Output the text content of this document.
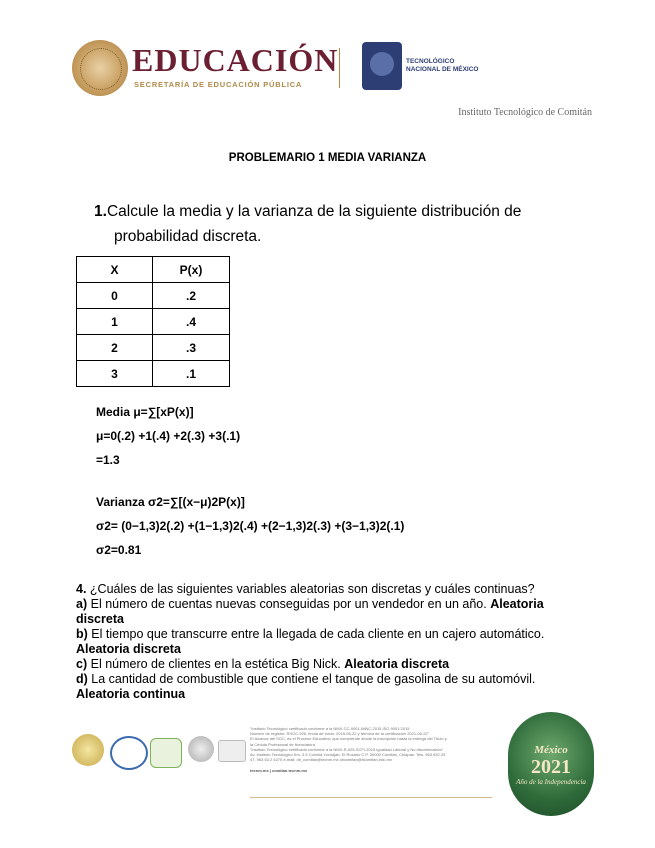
EDUCACIÓN
SECRETARÍA DE EDUCACIÓN PÚBLICA
TECNOLÓGICO
NACIONAL DE MÉXICO
Instituto Tecnológico de Comitán
PROBLEMARIO 1 MEDIA VARIANZA
1.Calcule la media y la varianza de la siguiente distribución de
probabilidad discreta.
X	P(x)
0	.2
1	.4
2	.3
3	.1
Media μ=∑[xP(x)]
μ=0(.2) +1(.4) +2(.3) +3(.1)
=1.3
Varianza σ2=∑[(x−μ)2P(x)]
σ2= (0−1,3)2(.2) +(1−1,3)2(.4) +(2−1,3)2(.3) +(3−1,3)2(.1)
σ2=0.81

4. ¿Cuáles de las siguientes variables aleatorias son discretas y cuáles continuas?

a) El número de cuentas nuevas conseguidas por un vendedor en un año. Aleatoria discreta

b) El tiempo que transcurre entre la llegada de cada cliente en un cajero automático. Aleatoria discreta

c) El número de clientes en la estética Big Nick. Aleatoria discreta

d) La cantidad de combustible que contiene el tanque de gasolina de su automóvil. Aleatoria continua

"Instituto Tecnológico certificado conforme a la NMX-CC-9001-IMNC-2015 ISO 9001:2015
Número de registro: RSGC-926, fecha de inicio: 2015-06-22 y término de la certificación 2021-06-22"
El Alcance del SGC, es el Proceso Educativo; que comprende desde la inscripción hasta la entrega del Título y
la Cédula Profesional de licenciatura
"Instituto Tecnológico certificado conforme a la NMX-R-025-SCFI-2015 Igualdad Laboral y No discriminación"
Av. Instituto Tecnológico Km. 3.5 Colonia Yocnajab, El Rosario C.P. 30000 Comitán, Chiapas. Tels. 963 632 25
47, 963 63 2 6270 e-mail: dir_comitan@tecnm.mx citcomitan@itcomitan.edu.mx
tecnm.mx | comitan.tecnm.mx
México
2021
Año de la Independencia
